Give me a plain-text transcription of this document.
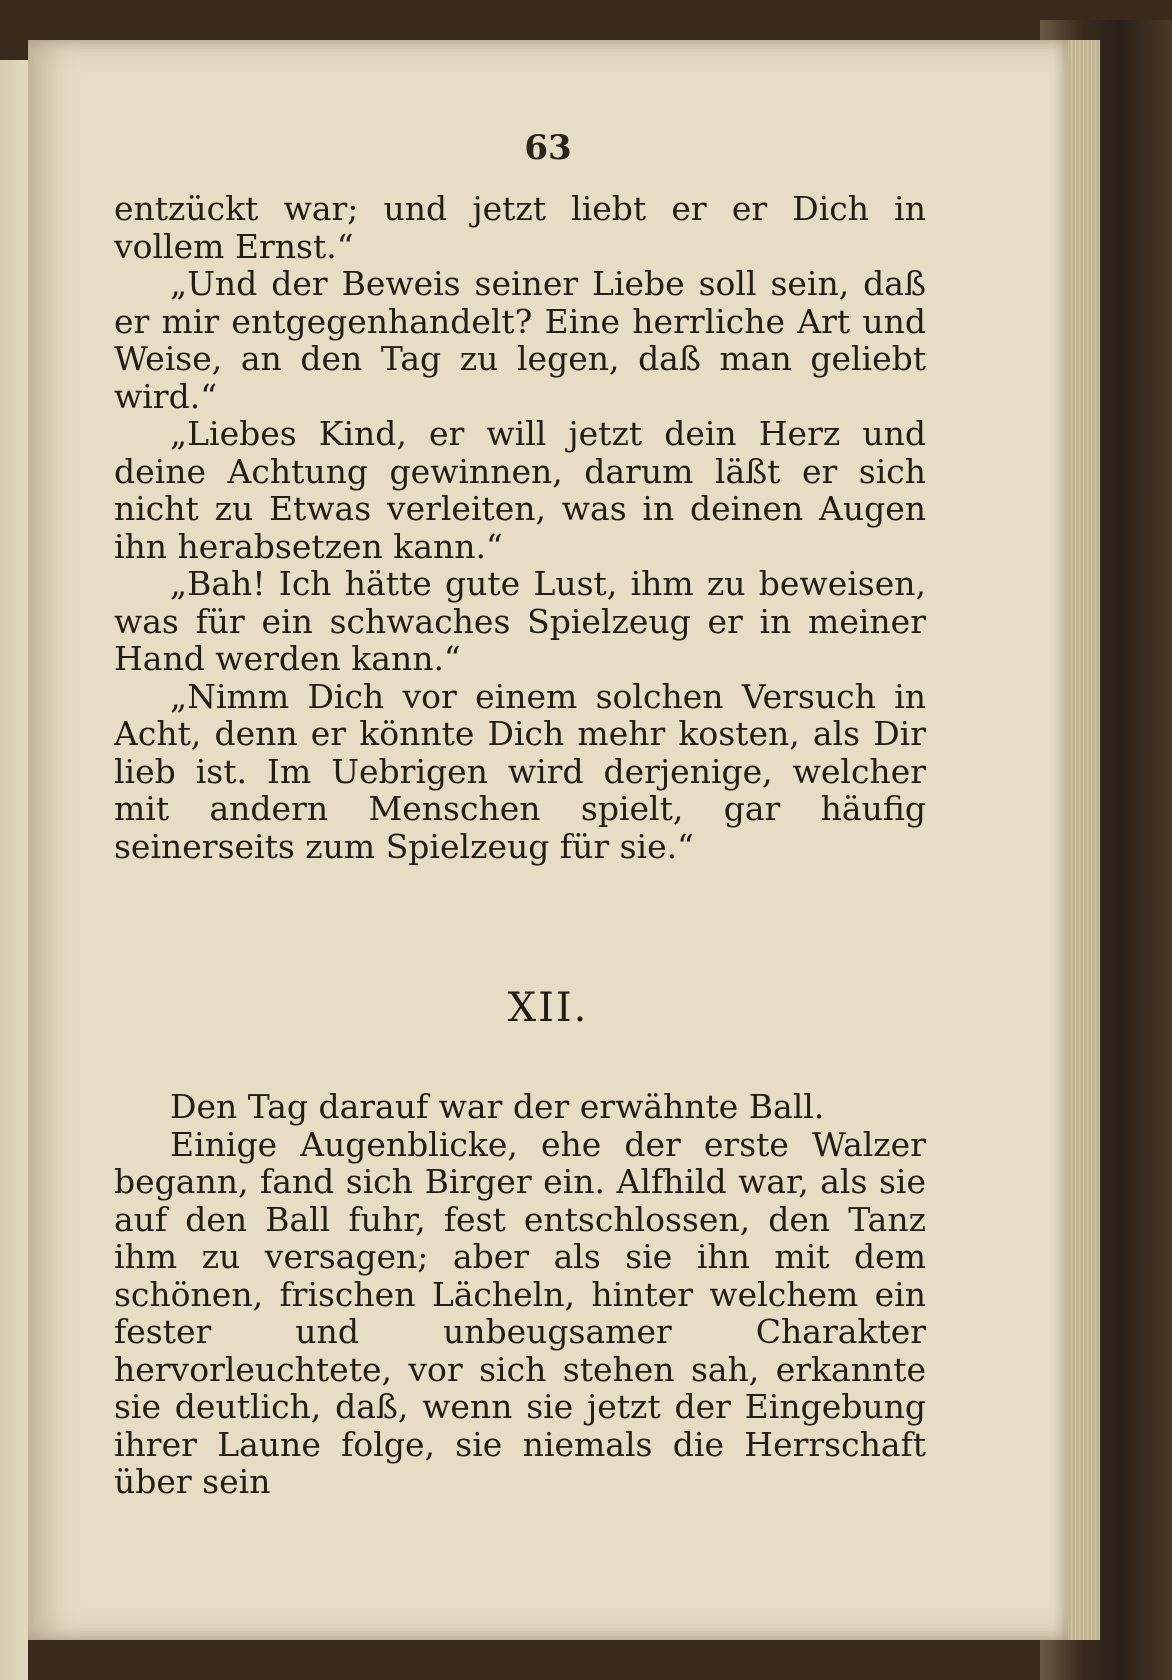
63

entzückt war; und jetzt liebt er er Dich in vollem Ernst.“

„Und der Beweis seiner Liebe soll sein, daß er mir entgegenhandelt? Eine herrliche Art und Weise, an den Tag zu legen, daß man geliebt wird.“

„Liebes Kind, er will jetzt dein Herz und deine Achtung gewinnen, darum läßt er sich nicht zu Etwas verleiten, was in deinen Augen ihn herabsetzen kann.“

„Bah! Ich hätte gute Lust, ihm zu beweisen, was für ein schwaches Spielzeug er in meiner Hand werden kann.“

„Nimm Dich vor einem solchen Versuch in Acht, denn er könnte Dich mehr kosten, als Dir lieb ist. Im Uebrigen wird derjenige, welcher mit andern Menschen spielt, gar häufig seinerseits zum Spielzeug für sie.“

XII.

Den Tag darauf war der erwähnte Ball.

Einige Augenblicke, ehe der erste Walzer begann, fand sich Birger ein. Alfhild war, als sie auf den Ball fuhr, fest entschlossen, den Tanz ihm zu versagen; aber als sie ihn mit dem schönen, frischen Lächeln, hinter welchem ein fester und unbeugsamer Charakter hervorleuchtete, vor sich stehen sah, erkannte sie deutlich, daß, wenn sie jetzt der Eingebung ihrer Laune folge, sie niemals die Herrschaft über sein
